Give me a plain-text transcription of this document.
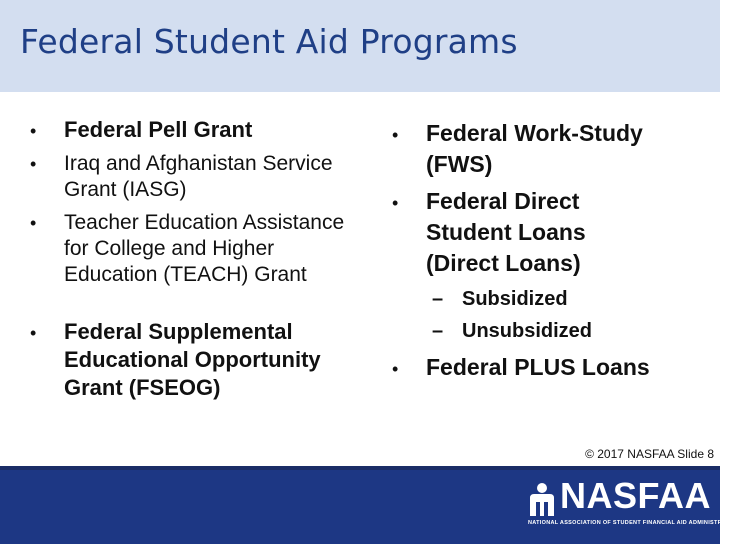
Federal Student Aid Programs
• Federal Pell Grant
• Iraq and Afghanistan Service Grant (IASG)
• Teacher Education Assistance for College and Higher Education (TEACH) Grant
• Federal Supplemental Educational Opportunity Grant (FSEOG)
• Federal Work-Study (FWS)
• Federal Direct Student Loans (Direct Loans)
– Subsidized
– Unsubsidized
• Federal PLUS Loans
© 2017 NASFAA Slide 8
NASFAA
NATIONAL ASSOCIATION OF STUDENT FINANCIAL AID ADMINISTRATORS
